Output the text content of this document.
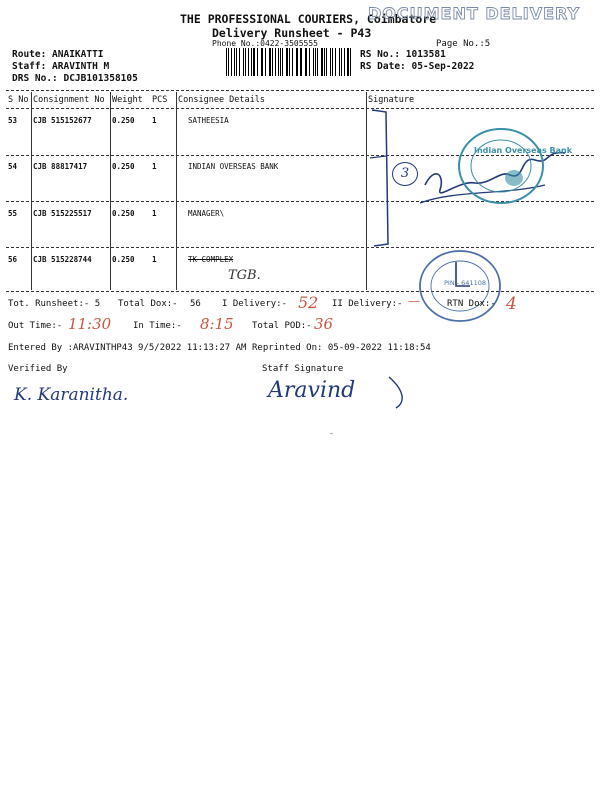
THE PROFESSIONAL COURIERS, Coimbatore
DOCUMENT DELIVERY
Delivery Runsheet - P43
Phone No.:0422-3505555	Page No.:5
Route: ANAIKATTI
Staff: ARAVINTH M
DRS No.: DCJB101358105
RS No.: 1013581
RS Date: 05-Sep-2022
S No Consignment No Weight PCS Consignee Details	Signature
53 CJB 515152677	0.250 1	SATHEESIA
54 CJB 88817417	0.250 1	INDIAN OVERSEAS BANK
55 CJB 515225517	0.250 1	MANAGER\
56 CJB 515228744	0.250 1	TK COMPLEX
TGB.
3
Indian Overseas Bank
PIN - 641108
Tot. Runsheet:- 5 Total Dox:- 56 I Delivery:- 52 II Delivery:- —	RTN Dox:- 4
Out Time:- 11:30 In Time:- 8:15 Total POD:- 36
Entered By :ARAVINTHP43 9/5/2022 11:13:27 AM Reprinted On: 05-09-2022 11:18:54
Verified By	Staff Signature
K. Karanitha.	Aravind
˘
